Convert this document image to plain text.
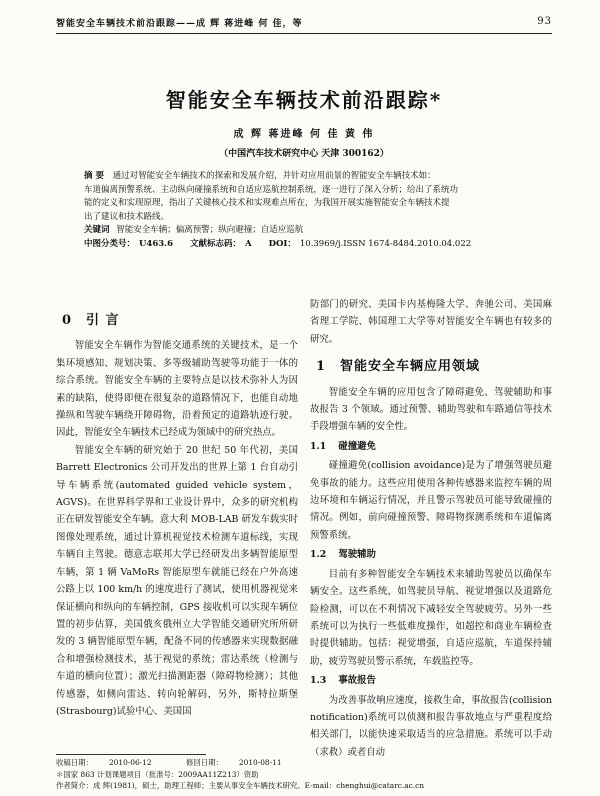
智能安全车辆技术前沿跟踪——成 辉 蒋进峰 何 佳，等	93
智能安全车辆技术前沿跟踪*
成 辉 蒋进峰 何 佳 黄 伟
（中国汽车技术研究中心 天津 300162）
摘 要 通过对智能安全车辆技术的探索和发展介绍，并针对应用前景的智能安全车辆技术如：
车道偏离预警系统、主动纵向碰撞系统和自适应巡航控制系统，逐一进行了深入分析；给出了系统功
能的定义和实现原理，指出了关键核心技术和实现难点所在，为我国开展实施智能安全车辆技术提
出了建议和技术路线。
关键词 智能安全车辆；偏离预警；纵向避撞；自适应巡航
中图分类号： U463.6 文献标志码： A DOI： 10.3969/j.ISSN 1674-8484.2010.04.022
0 引 言

智能安全车辆作为智能交通系统的关键技术，是一个集环境感知、规划决策、多等级辅助驾驶等功能于一体的综合系统。智能安全车辆的主要特点是以技术弥补人为因素的缺陷，使得即便在很复杂的道路情况下，也能自动地操纵和驾驶车辆绕开障碍物，沿着预定的道路轨迹行驶。因此，智能安全车辆技术已经成为领域中的研究热点。

智能安全车辆的研究始于 20 世纪 50 年代初，美国 Barrett Electronics 公司开发出的世界上第 1 台自动引导车辆系统(automated guided vehicle system，AGVS)。在世界科学界和工业设计界中，众多的研究机构正在研发智能安全车辆。意大利 MOB-LAB 研发车载实时图像处理系统，通过计算机视觉技术检测车道标线，实现车辆自主驾驶。德意志联邦大学已经研发出多辆智能原型车辆，第 1 辆 VaMoRs 智能原型车就能已经在户外高速公路上以 100 km/h 的速度进行了测试，使用机器视觉来保证横向和纵向的车辆控制，GPS 接收机可以实现车辆位置的初步估算，美国俄亥俄州立大学智能交通研究所所研发的 3 辆智能原型车辆，配备不同的传感器来实现数据融合和增强检测技术，基于视觉的系统；雷达系统（检测与车道的横向位置）；激光扫描测距器（障碍物检测）；其他传感器，如侧向雷达、转向轮解码，另外，斯特拉斯堡(Strasbourg)试验中心、美国国

防部门的研究、美国卡内基梅隆大学、奔驰公司、美国麻省理工学院、韩国理工大学等对智能安全车辆也有较多的研究。

1 智能安全车辆应用领域

智能安全车辆的应用包含了障碍避免、驾驶辅助和事故报告 3 个领域。通过预警、辅助驾驶和车路通信等技术手段增强车辆的安全性。

1.1 碰撞避免

碰撞避免(collision avoidance)是为了增强驾驶员避免事故的能力。这些应用使用各种传感器来监控车辆的周边环境和车辆运行情况，并且警示驾驶员可能导致碰撞的情况。例如，前向碰撞预警、障碍物探测系统和车道偏离预警系统。

1.2 驾驶辅助

目前有多种智能安全车辆技术来辅助驾驶员以确保车辆安全。这些系统，如驾驶员导航、视觉增强以及道路危险检测，可以在不利情况下减轻安全驾驶疲劳。另外一些系统可以为执行一些低难度操作，如超控和商业车辆检查时提供辅助。包括：视觉增强，自适应巡航，车道保持辅助，疲劳驾驶员警示系统，车载监控等。

1.3 事故报告

为改善事故响应速度，接救生命，事故报告(collision notification)系统可以侦测和报告事故地点与严重程度给相关部门，以能快速采取适当的应急措施。系统可以手动（求救）或者自动

收稿日期： 2010-06-12	修回日期： 2010-08-11
＊国家 863 计划课题项目（批准号：2009AA11Z213）资助
作者简介：成 辉(1981)，硕士，助理工程师；主要从事安全车辆技术研究。E-mail：chenghui@catarc.ac.cn
